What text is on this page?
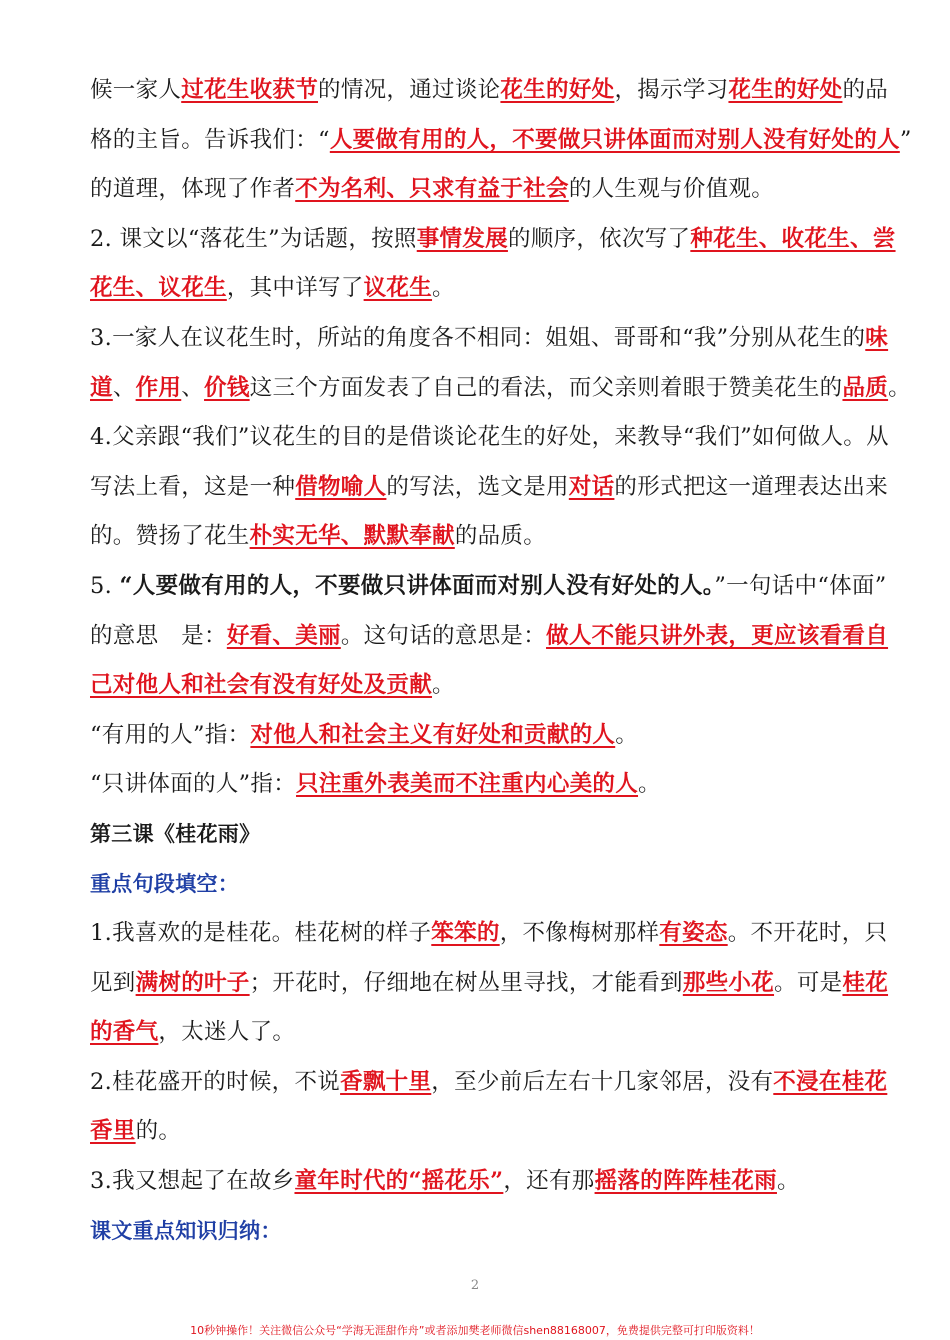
候一家人过花生收获节的情况，通过谈论花生的好处，揭示学习花生的好处的品
格的主旨。告诉我们：“人要做有用的人，不要做只讲体面而对别人没有好处的人”
的道理，体现了作者不为名利、只求有益于社会的人生观与价值观。
2. 课文以“落花生”为话题，按照事情发展的顺序，依次写了种花生、收花生、尝
花生、议花生，其中详写了议花生。
3.一家人在议花生时，所站的角度各不相同：姐姐、哥哥和“我”分别从花生的味
道、作用、价钱这三个方面发表了自己的看法，而父亲则着眼于赞美花生的品质。
4.父亲跟“我们”议花生的目的是借谈论花生的好处，来教导“我们”如何做人。从
写法上看，这是一种借物喻人的写法，选文是用对话的形式把这一道理表达出来
的。赞扬了花生朴实无华、默默奉献的品质。
5. “人要做有用的人，不要做只讲体面而对别人没有好处的人。”一句话中“体面”
的意思　是：好看、美丽。这句话的意思是：做人不能只讲外表，更应该看看自
己对他人和社会有没有好处及贡献。
“有用的人”指：对他人和社会主义有好处和贡献的人。
“只讲体面的人”指：只注重外表美而不注重内心美的人。
第三课《桂花雨》
重点句段填空：
1.我喜欢的是桂花。桂花树的样子笨笨的，不像梅树那样有姿态。不开花时，只
见到满树的叶子；开花时，仔细地在树丛里寻找，才能看到那些小花。可是桂花
的香气，太迷人了。
2.桂花盛开的时候，不说香飘十里，至少前后左右十几家邻居，没有不浸在桂花
香里的。
3.我又想起了在故乡童年时代的“摇花乐”，还有那摇落的阵阵桂花雨。
课文重点知识归纳：
2
10秒钟操作！关注微信公众号“学海无涯甜作舟”或者添加樊老师微信shen88168007，免费提供完整可打印版资料！
